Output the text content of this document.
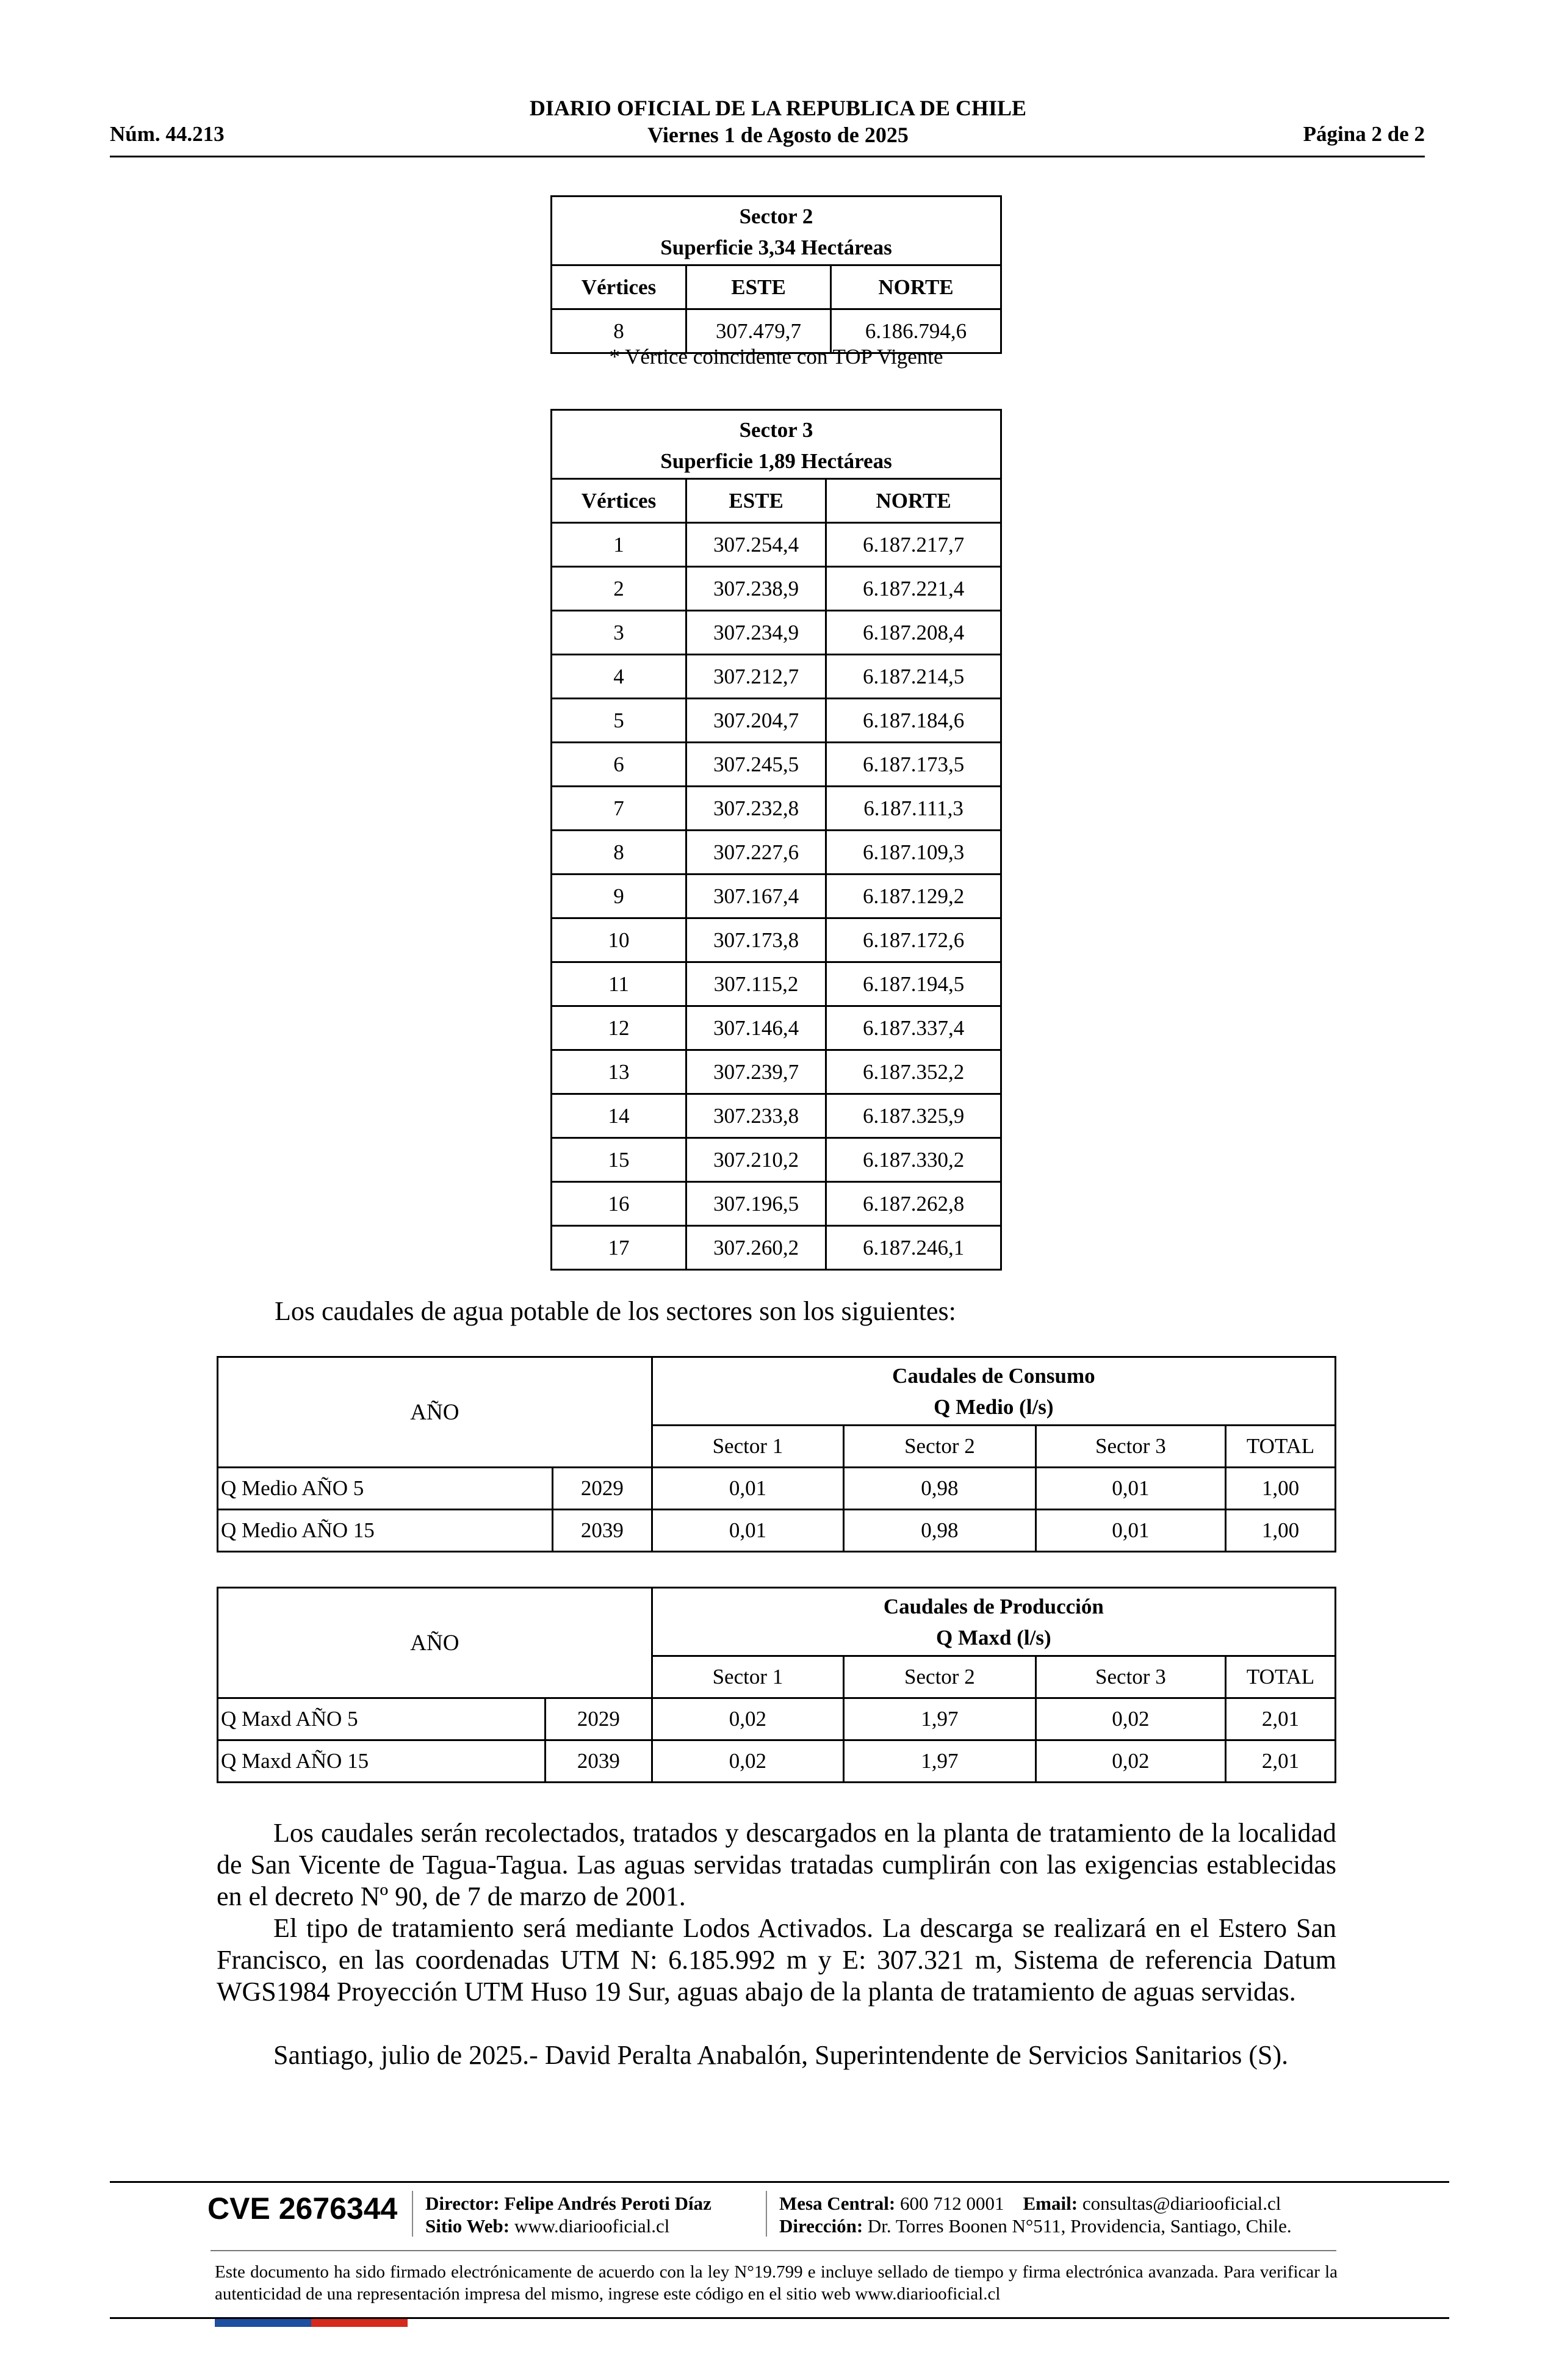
DIARIO OFICIAL DE LA REPUBLICA DE CHILE
Viernes 1 de Agosto de 2025
Núm. 44.213	Página 2 de 2
Sector 2
Superficie 3,34 Hectáreas		

Vértices	ESTE	NORTE
8	307.479,7	6.186.794,6
* Vértice coincidente con TOP Vigente
Sector 3
Superficie 1,89 Hectáreas		

Vértices	ESTE	NORTE
1	307.254,4	6.187.217,7
2	307.238,9	6.187.221,4
3	307.234,9	6.187.208,4
4	307.212,7	6.187.214,5
5	307.204,7	6.187.184,6
6	307.245,5	6.187.173,5
7	307.232,8	6.187.111,3
8	307.227,6	6.187.109,3
9	307.167,4	6.187.129,2
10	307.173,8	6.187.172,6
11	307.115,2	6.187.194,5
12	307.146,4	6.187.337,4
13	307.239,7	6.187.352,2
14	307.233,8	6.187.325,9
15	307.210,2	6.187.330,2
16	307.196,5	6.187.262,8
17	307.260,2	6.187.246,1
Los caudales de agua potable de los sectores son los siguientes:
AÑO		Caudales de Consumo
Q Medio (l/s)			

		Sector 1	Sector 2	Sector 3	TOTAL
Q Medio AÑO 5	2029	0,01	0,98	0,01	1,00
Q Medio AÑO 15	2039	0,01	0,98	0,01	1,00
AÑO		Caudales de Producción
Q Maxd (l/s)			

		Sector 1	Sector 2	Sector 3	TOTAL
Q Maxd AÑO 5	2029	0,02	1,97	0,02	2,01
Q Maxd AÑO 15	2039	0,02	1,97	0,02	2,01
Los caudales serán recolectados, tratados y descargados en la planta de tratamiento de la localidad de San Vicente de Tagua-Tagua. Las aguas servidas tratadas cumplirán con las exigencias establecidas en el decreto Nº 90, de 7 de marzo de 2001.
El tipo de tratamiento será mediante Lodos Activados. La descarga se realizará en el Estero San Francisco, en las coordenadas UTM N: 6.185.992 m y E: 307.321 m, Sistema de referencia Datum WGS1984 Proyección UTM Huso 19 Sur, aguas abajo de la planta de tratamiento de aguas servidas.
Santiago, julio de 2025.- David Peralta Anabalón, Superintendente de Servicios Sanitarios (S).
CVE 2676344 Director: Felipe Andrés Peroti Díaz
Sitio Web: www.diariooficial.cl
Mesa Central: 600 712 0001 Email: consultas@diariooficial.cl
Dirección: Dr. Torres Boonen N°511, Providencia, Santiago, Chile.
Este documento ha sido firmado electrónicamente de acuerdo con la ley N°19.799 e incluye sellado de tiempo y firma electrónica avanzada. Para verificar la autenticidad de una representación impresa del mismo, ingrese este código en el sitio web www.diariooficial.cl
